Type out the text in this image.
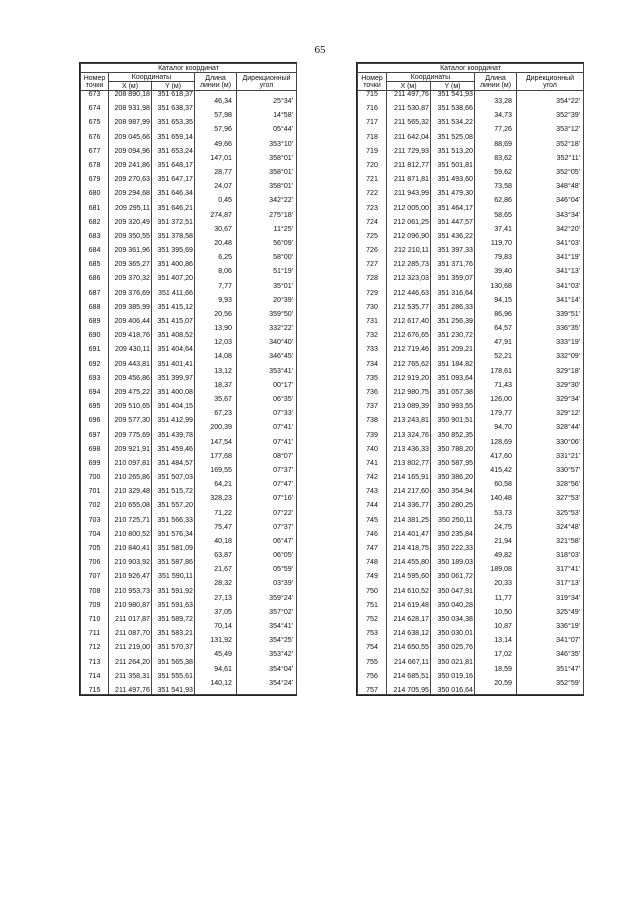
65
Каталог координат				
Номер
точки	Координаты		Длина
линии (м)	Дирекционный
угол
	X (м)	Y (м)		
673	208 890,18	351 618,37		
			46,34	25°34'
674	208 931,98	351 638,37		
			57,98	14°58'
675	208 987,99	351 653,35		
			57,96	05°44'
676	209 045,66	351 659,14		
			49,66	353°10'
677	209 094,96	351 653,24		
			147,01	358°01'
678	209 241,86	351 648,17		
			28,77	358°01'
679	209 270,63	351 647,17		
			24,07	358°01'
680	209 294,68	351 646,34		
			0,45	342°22'
681	209 295,11	351 646,21		
			274,87	275°18'
682	209 320,49	351 372,51		
			30,67	11°25'
683	209 350,55	351 378,58		
			20,48	56°09'
684	209 361,96	351 395,69		
			6,25	58°00'
685	209 365,27	351 400,86		
			8,06	51°19'
686	209 370,32	351 407,20		
			7,77	35°01'
687	209 376,69	351 411,66		
			9,93	20°39'
688	209 385,99	351 415,12		
			20,56	359°50'
689	209 406,44	351 415,07		
			13,90	332°22'
690	209 418,76	351 408,52		
			12,03	340°40'
691	209 430,11	351 404,64		
			14,08	346°45'
692	209 443,81	351 401,41		
			13,12	353°41'
693	209 456,86	351 399,97		
			18,37	00°17'
694	209 475,22	351 400,08		
			35,67	06°35'
695	209 510,65	351 404,15		
			67,23	07°33'
696	209 577,30	351 412,99		
			200,39	07°41'
697	209 775,69	351 439,78		
			147,54	07°41'
698	209 921,91	351 459,46		
			177,68	08°07'
699	210 097,81	351 484,57		
			169,55	07°37'
700	210 265,86	351 507,03		
			64,21	07°47'
701	210 329,48	351 515,72		
			328,23	07°16'
702	210 655,08	351 557,20		
			71,22	07°22'
703	210 725,71	351 566,33		
			75,47	07°37'
704	210 800,52	351 576,34		
			40,18	06°47'
705	210 840,41	351 581,09		
			63,87	06°05'
706	210 903,92	351 587,86		
			21,67	05°59'
707	210 926,47	351 590,11		
			28,32	03°39'
708	210 953,73	351 591,92		
			27,13	359°24'
709	210 980,87	351 591,63		
			37,05	357°02'
710	211 017,87	351 589,72		
			70,14	354°41'
711	211 087,70	351 583,21		
			131,92	354°25'
712	211 219,00	351 570,37		
			45,49	353°42'
713	211 264,20	351 565,38		
			94,61	354°04'
714	211 358,31	351 555,61		
			140,12	354°24'
715	211 497,76	351 541,93		
Каталог координат				
Номер
точки	Координаты		Длина
линии (м)	Дирекционный
угол
	X (м)	Y (м)		
715	211 497,76	351 541,93		
			33,28	354°22'
716	211 530,87	351 538,66		
			34,73	352°39'
717	211 565,32	351 534,22		
			77,26	353°12'
718	211 642,04	351 525,08		
			88,69	352°18'
719	211 729,93	351 513,20		
			83,62	352°11'
720	211 812,77	351 501,81		
			59,62	352°05'
721	211 871,81	351 493,60		
			73,58	348°48'
722	211 943,99	351 479,30		
			62,86	346°04'
723	212 005,00	351 464,17		
			58,65	343°34'
724	212 061,25	351 447,57		
			37,41	342°20'
725	212 096,90	351 436,22		
			119,70	341°03'
726	212 210,11	351 397,33		
			79,83	341°19'
727	212 285,73	351 371,76		
			39,40	341°13'
728	212 323,03	351 359,07		
			130,68	341°03'
729	212 446,63	351 316,64		
			94,15	341°14'
730	212 535,77	351 286,33		
			86,96	339°51'
731	212 617,40	351 256,39		
			64,57	336°35'
732	212 676,65	351 230,72		
			47,91	333°19'
733	212 719,46	351 209,21		
			52,21	332°09'
734	212 765,62	351 184,82		
			178,61	329°18'
735	212 919,20	351 093,64		
			71,43	329°30'
736	212 980,75	351 057,38		
			126,00	329°34'
737	213 089,39	350 993,55		
			179,77	329°12'
738	213 243,81	350 901,51		
			94,70	328°44'
739	213 324,76	350 852,35		
			128,69	330°06'
740	213 436,33	350 788,20		
			417,60	331°21'
741	213 802,77	350 587,95		
			415,42	330°57'
742	214 165,91	350 386,20		
			60,58	328°56'
743	214 217,60	350 354,94		
			140,48	327°53'
744	214 336,77	350 280,25		
			53,73	325°53'
745	214 381,25	350 250,11		
			24,75	324°48'
746	214 401,47	350 235,84		
			21,94	321°58'
747	214 418,75	350 222,33		
			49,82	318°03'
748	214 455,80	350 189,03		
			189,08	317°41'
749	214 595,60	350 061,72		
			20,33	317°13'
750	214 610,52	350 047,91		
			11,77	319°34'
751	214 619,48	350 040,28		
			10,50	325°49'
752	214 628,17	350 034,38		
			10,87	336°19'
753	214 638,12	350 030,01		
			13,14	341°07'
754	214 650,55	350 025,76		
			17,02	346°35'
755	214 667,11	350 021,81		
			18,59	351°47'
756	214 685,51	350 019,16		
			20,59	352°59'
757	214 705,95	350 016,64		
